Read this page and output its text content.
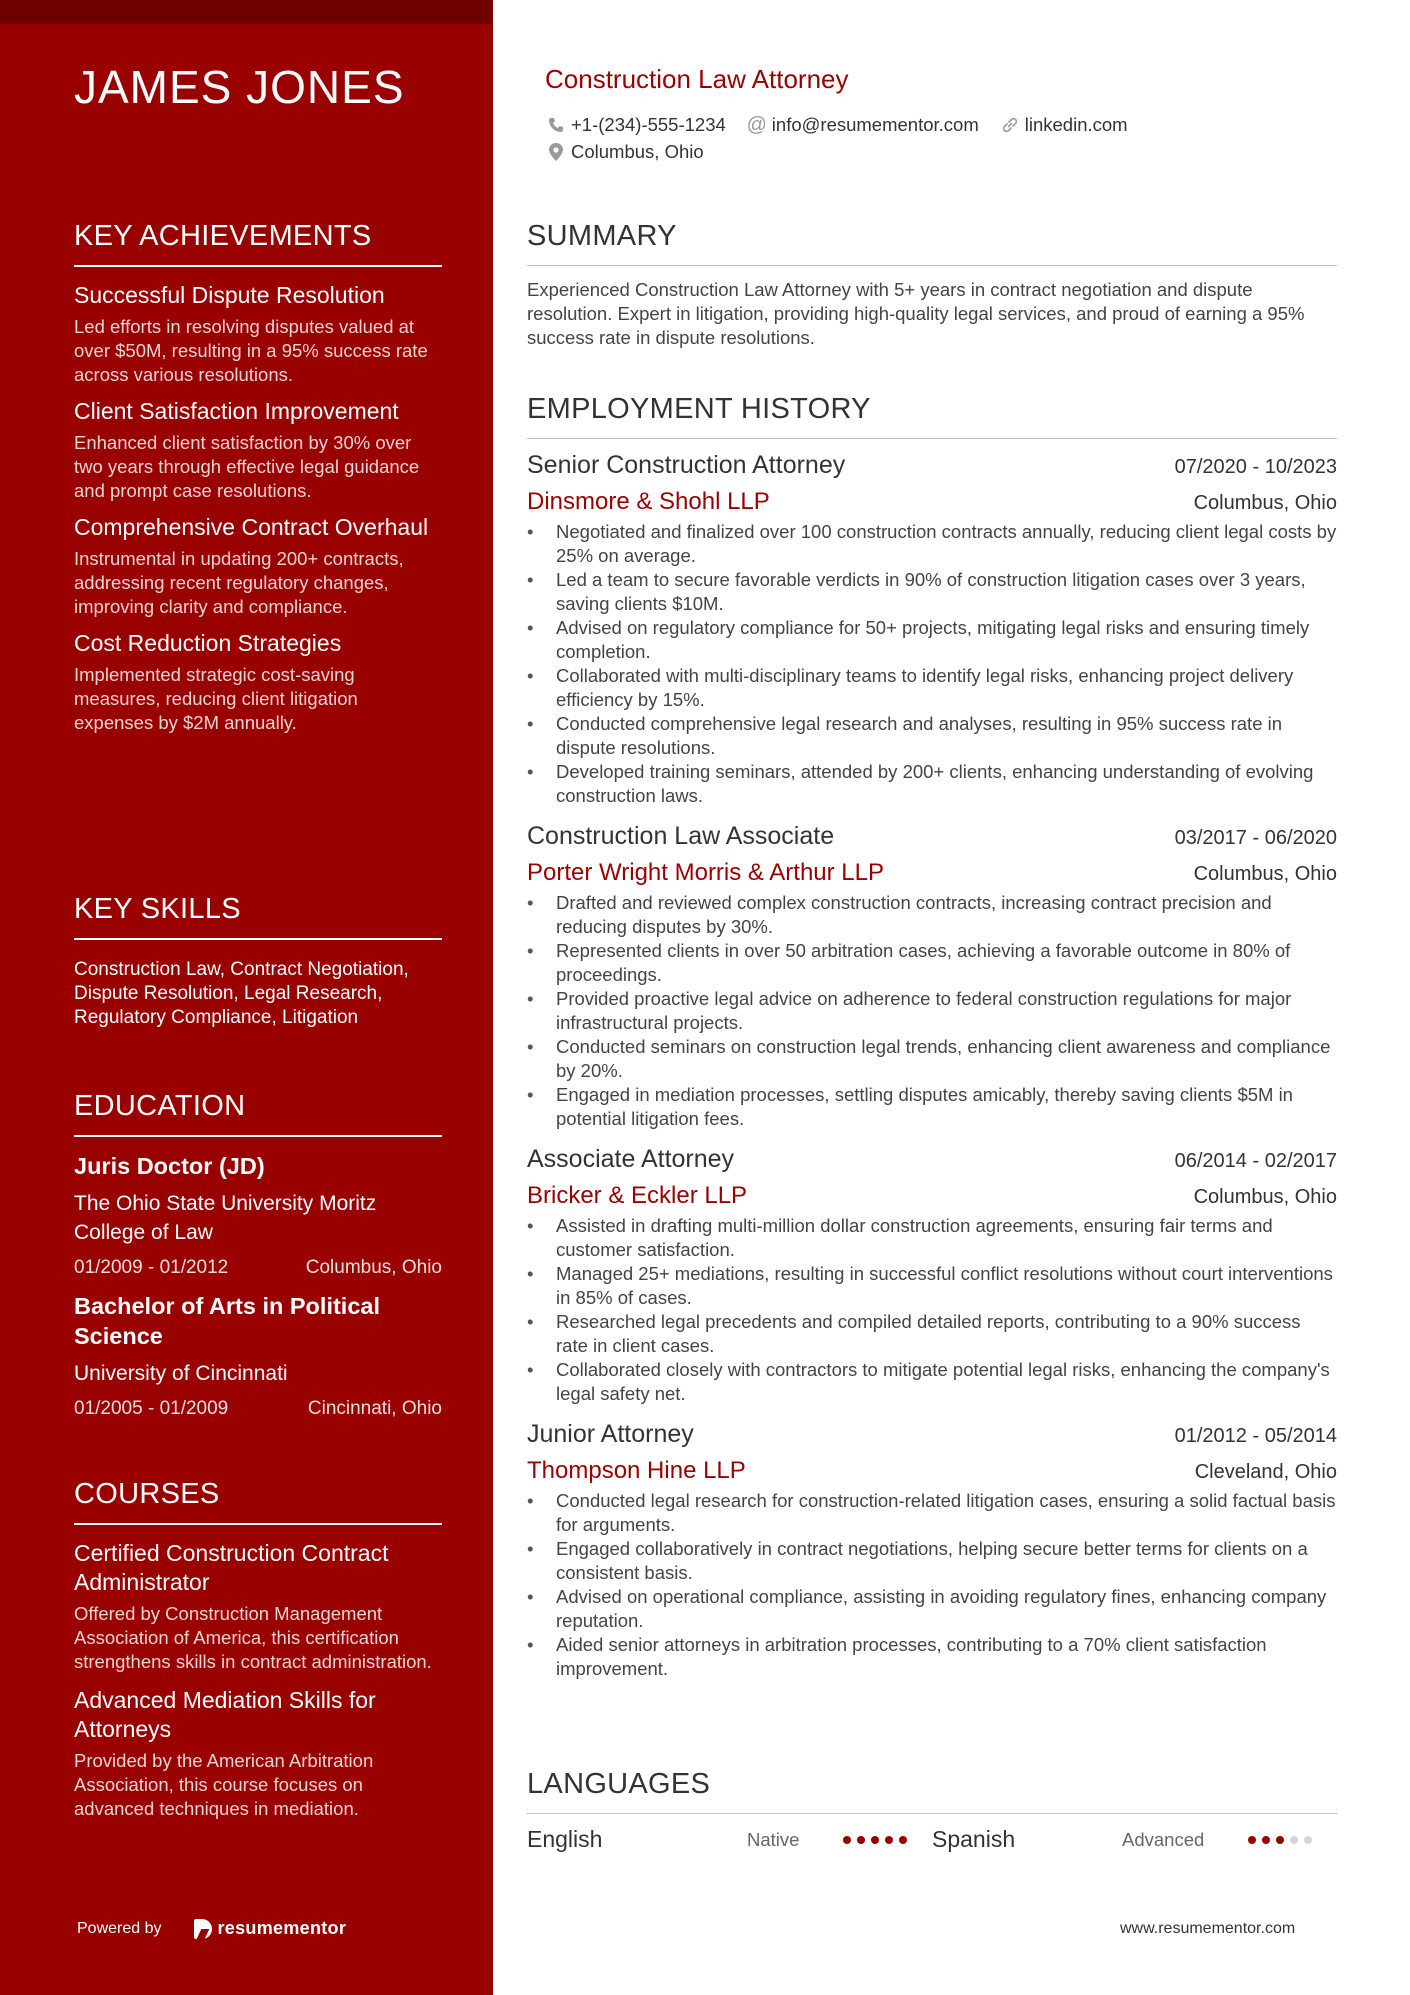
JAMES JONES
KEY ACHIEVEMENTS
Successful Dispute Resolution
Led efforts in resolving disputes valued at over $50M, resulting in a 95% success rate across various resolutions.
Client Satisfaction Improvement
Enhanced client satisfaction by 30% over two years through effective legal guidance and prompt case resolutions.
Comprehensive Contract Overhaul
Instrumental in updating 200+ contracts, addressing recent regulatory changes, improving clarity and compliance.
Cost Reduction Strategies
Implemented strategic cost-saving measures, reducing client litigation expenses by $2M annually.
KEY SKILLS
Construction Law, Contract Negotiation, Dispute Resolution, Legal Research, Regulatory Compliance, Litigation
EDUCATION
Juris Doctor (JD)
The Ohio State University Moritz College of Law
01/2009 - 01/2012	Columbus, Ohio
Bachelor of Arts in Political Science
University of Cincinnati
01/2005 - 01/2009	Cincinnati, Ohio
COURSES
Certified Construction Contract Administrator
Offered by Construction Management Association of America, this certification strengthens skills in contract administration.
Advanced Mediation Skills for Attorneys
Provided by the American Arbitration Association, this course focuses on advanced techniques in mediation.
Powered by	resumementor
Construction Law Attorney
+1-(234)-555-1234 @ info@resumementor.com linkedin.com
Columbus, Ohio
SUMMARY
Experienced Construction Law Attorney with 5+ years in contract negotiation and dispute resolution. Expert in litigation, providing high-quality legal services, and proud of earning a 95% success rate in dispute resolutions.
EMPLOYMENT HISTORY
Senior Construction Attorney	07/2020 - 10/2023
Dinsmore & Shohl LLP	Columbus, Ohio
• Negotiated and finalized over 100 construction contracts annually, reducing client legal costs by 25% on average.
• Led a team to secure favorable verdicts in 90% of construction litigation cases over 3 years, saving clients $10M.
• Advised on regulatory compliance for 50+ projects, mitigating legal risks and ensuring timely completion.
• Collaborated with multi-disciplinary teams to identify legal risks, enhancing project delivery efficiency by 15%.
• Conducted comprehensive legal research and analyses, resulting in 95% success rate in dispute resolutions.
• Developed training seminars, attended by 200+ clients, enhancing understanding of evolving construction laws.
Construction Law Associate	03/2017 - 06/2020
Porter Wright Morris & Arthur LLP	Columbus, Ohio
• Drafted and reviewed complex construction contracts, increasing contract precision and reducing disputes by 30%.
• Represented clients in over 50 arbitration cases, achieving a favorable outcome in 80% of proceedings.
• Provided proactive legal advice on adherence to federal construction regulations for major infrastructural projects.
• Conducted seminars on construction legal trends, enhancing client awareness and compliance by 20%.
• Engaged in mediation processes, settling disputes amicably, thereby saving clients $5M in potential litigation fees.
Associate Attorney	06/2014 - 02/2017
Bricker & Eckler LLP	Columbus, Ohio
• Assisted in drafting multi-million dollar construction agreements, ensuring fair terms and customer satisfaction.
• Managed 25+ mediations, resulting in successful conflict resolutions without court interventions in 85% of cases.
• Researched legal precedents and compiled detailed reports, contributing to a 90% success rate in client cases.
• Collaborated closely with contractors to mitigate potential legal risks, enhancing the company's legal safety net.
Junior Attorney	01/2012 - 05/2014
Thompson Hine LLP	Cleveland, Ohio
• Conducted legal research for construction-related litigation cases, ensuring a solid factual basis for arguments.
• Engaged collaboratively in contract negotiations, helping secure better terms for clients on a consistent basis.
• Advised on operational compliance, assisting in avoiding regulatory fines, enhancing company reputation.
• Aided senior attorneys in arbitration processes, contributing to a 70% client satisfaction improvement.
LANGUAGES
English	Native	Spanish	Advanced
www.resumementor.com
